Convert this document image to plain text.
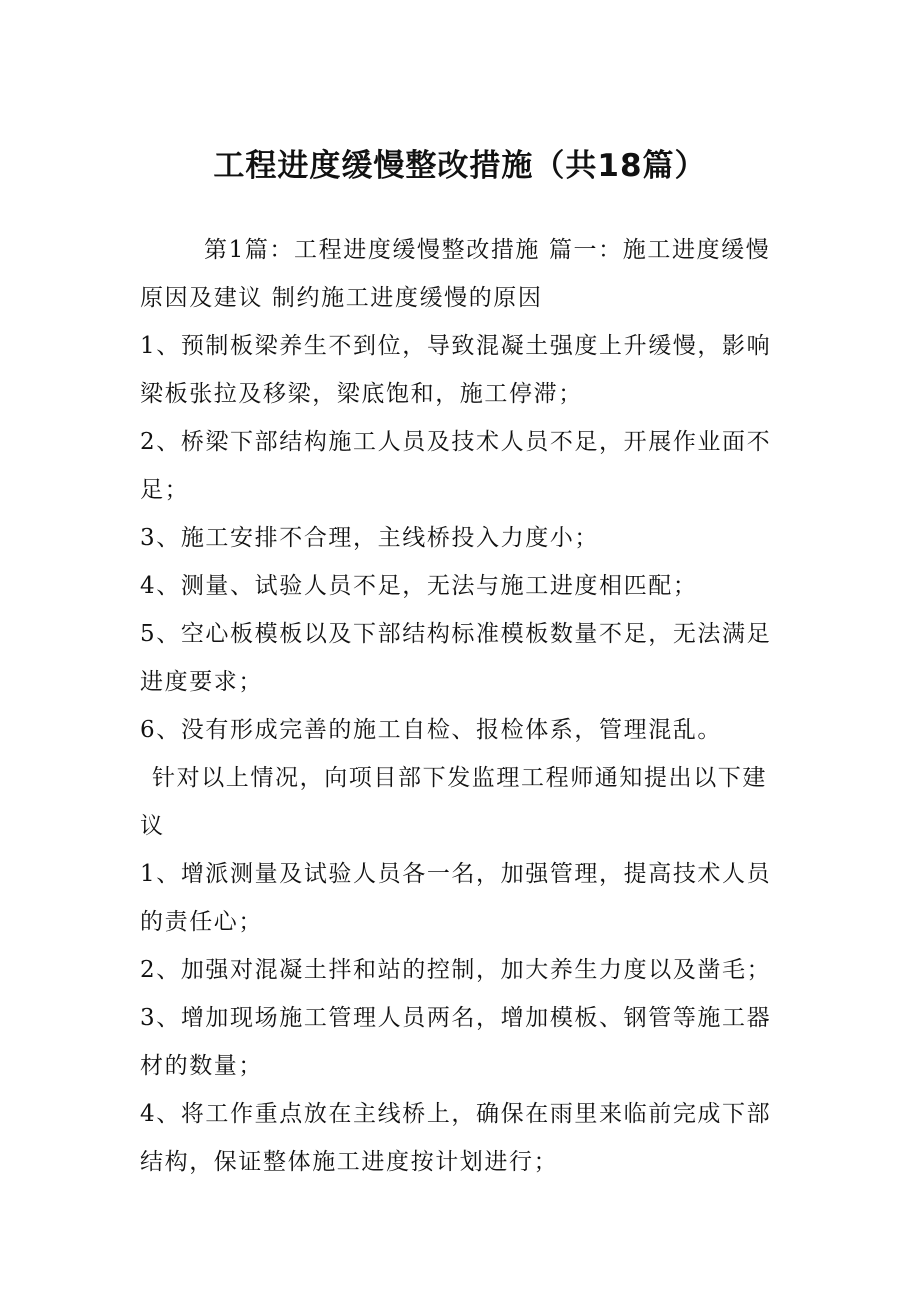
工程进度缓慢整改措施（共18篇）

第1篇：工程进度缓慢整改措施 篇一：施工进度缓慢原因及建议 制约施工进度缓慢的原因

1、预制板梁养生不到位，导致混凝土强度上升缓慢，影响梁板张拉及移梁，梁底饱和，施工停滞；

2、桥梁下部结构施工人员及技术人员不足，开展作业面不足；

3、施工安排不合理，主线桥投入力度小；

4、测量、试验人员不足，无法与施工进度相匹配；

5、空心板模板以及下部结构标准模板数量不足，无法满足进度要求；

6、没有形成完善的施工自检、报检体系，管理混乱。

针对以上情况，向项目部下发监理工程师通知提出以下建议

1、增派测量及试验人员各一名，加强管理，提高技术人员的责任心；

2、加强对混凝土拌和站的控制，加大养生力度以及凿毛；

3、增加现场施工管理人员两名，增加模板、钢管等施工器材的数量；

4、将工作重点放在主线桥上，确保在雨里来临前完成下部结构，保证整体施工进度按计划进行；
